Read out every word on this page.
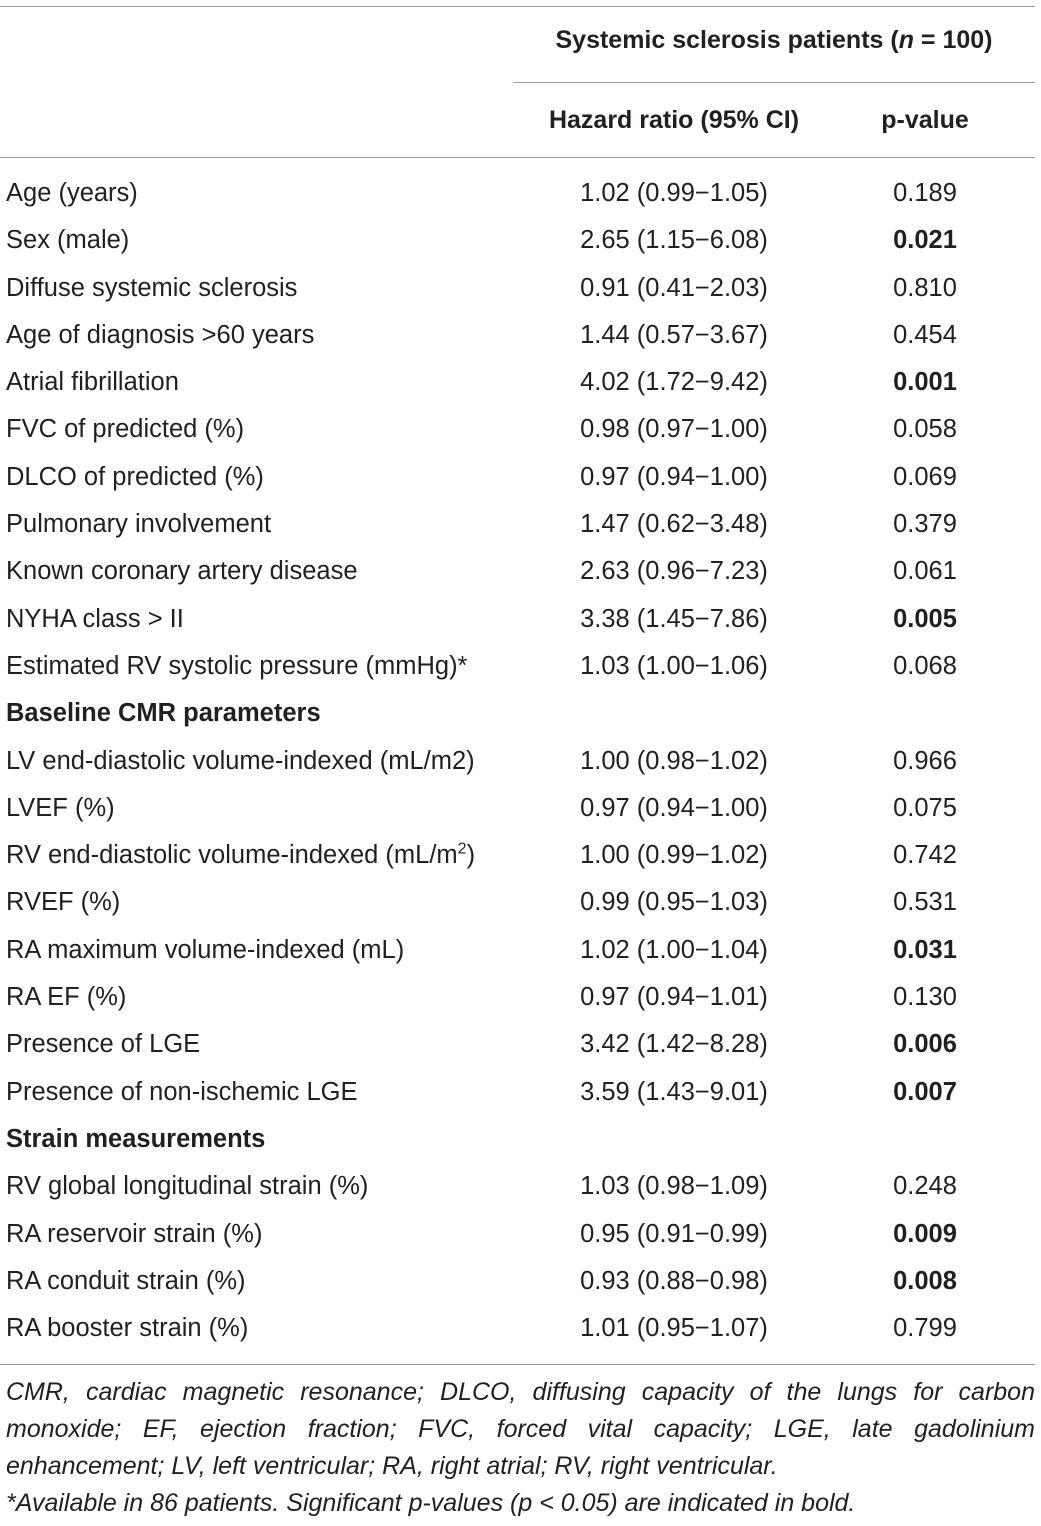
Systemic sclerosis patients (n = 100)
Hazard ratio (95% CI)	p-value
Age (years)	1.02 (0.99−1.05)	0.189
Sex (male)	2.65 (1.15−6.08)	0.021
Diffuse systemic sclerosis	0.91 (0.41−2.03)	0.810
Age of diagnosis >60 years	1.44 (0.57−3.67)	0.454
Atrial fibrillation	4.02 (1.72−9.42)	0.001
FVC of predicted (%)	0.98 (0.97−1.00)	0.058
DLCO of predicted (%)	0.97 (0.94−1.00)	0.069
Pulmonary involvement	1.47 (0.62−3.48)	0.379
Known coronary artery disease	2.63 (0.96−7.23)	0.061
NYHA class > II	3.38 (1.45−7.86)	0.005
Estimated RV systolic pressure (mmHg)*	1.03 (1.00−1.06)	0.068
Baseline CMR parameters
LV end-diastolic volume-indexed (mL/m2)	1.00 (0.98−1.02)	0.966
LVEF (%)	0.97 (0.94−1.00)	0.075
RV end-diastolic volume-indexed $(mL/m^2)$	1.00 (0.99−1.02)	0.742
RVEF (%)	0.99 (0.95−1.03)	0.531
RA maximum volume-indexed (mL)	1.02 (1.00−1.04)	0.031
RA EF (%)	0.97 (0.94−1.01)	0.130
Presence of LGE	3.42 (1.42−8.28)	0.006
Presence of non-ischemic LGE	3.59 (1.43−9.01)	0.007
Strain measurements
RV global longitudinal strain (%)	1.03 (0.98−1.09)	0.248
RA reservoir strain (%)	0.95 (0.91−0.99)	0.009
RA conduit strain (%)	0.93 (0.88−0.98)	0.008
RA booster strain (%)	1.01 (0.95−1.07)	0.799
CMR, cardiac magnetic resonance; DLCO, diffusing capacity of the lungs for carbon monoxide; EF, ejection fraction; FVC, forced vital capacity; LGE, late gadolinium enhancement; LV, left ventricular; RA, right atrial; RV, right ventricular.
*Available in 86 patients. Significant p-values (p < 0.05) are indicated in bold.
